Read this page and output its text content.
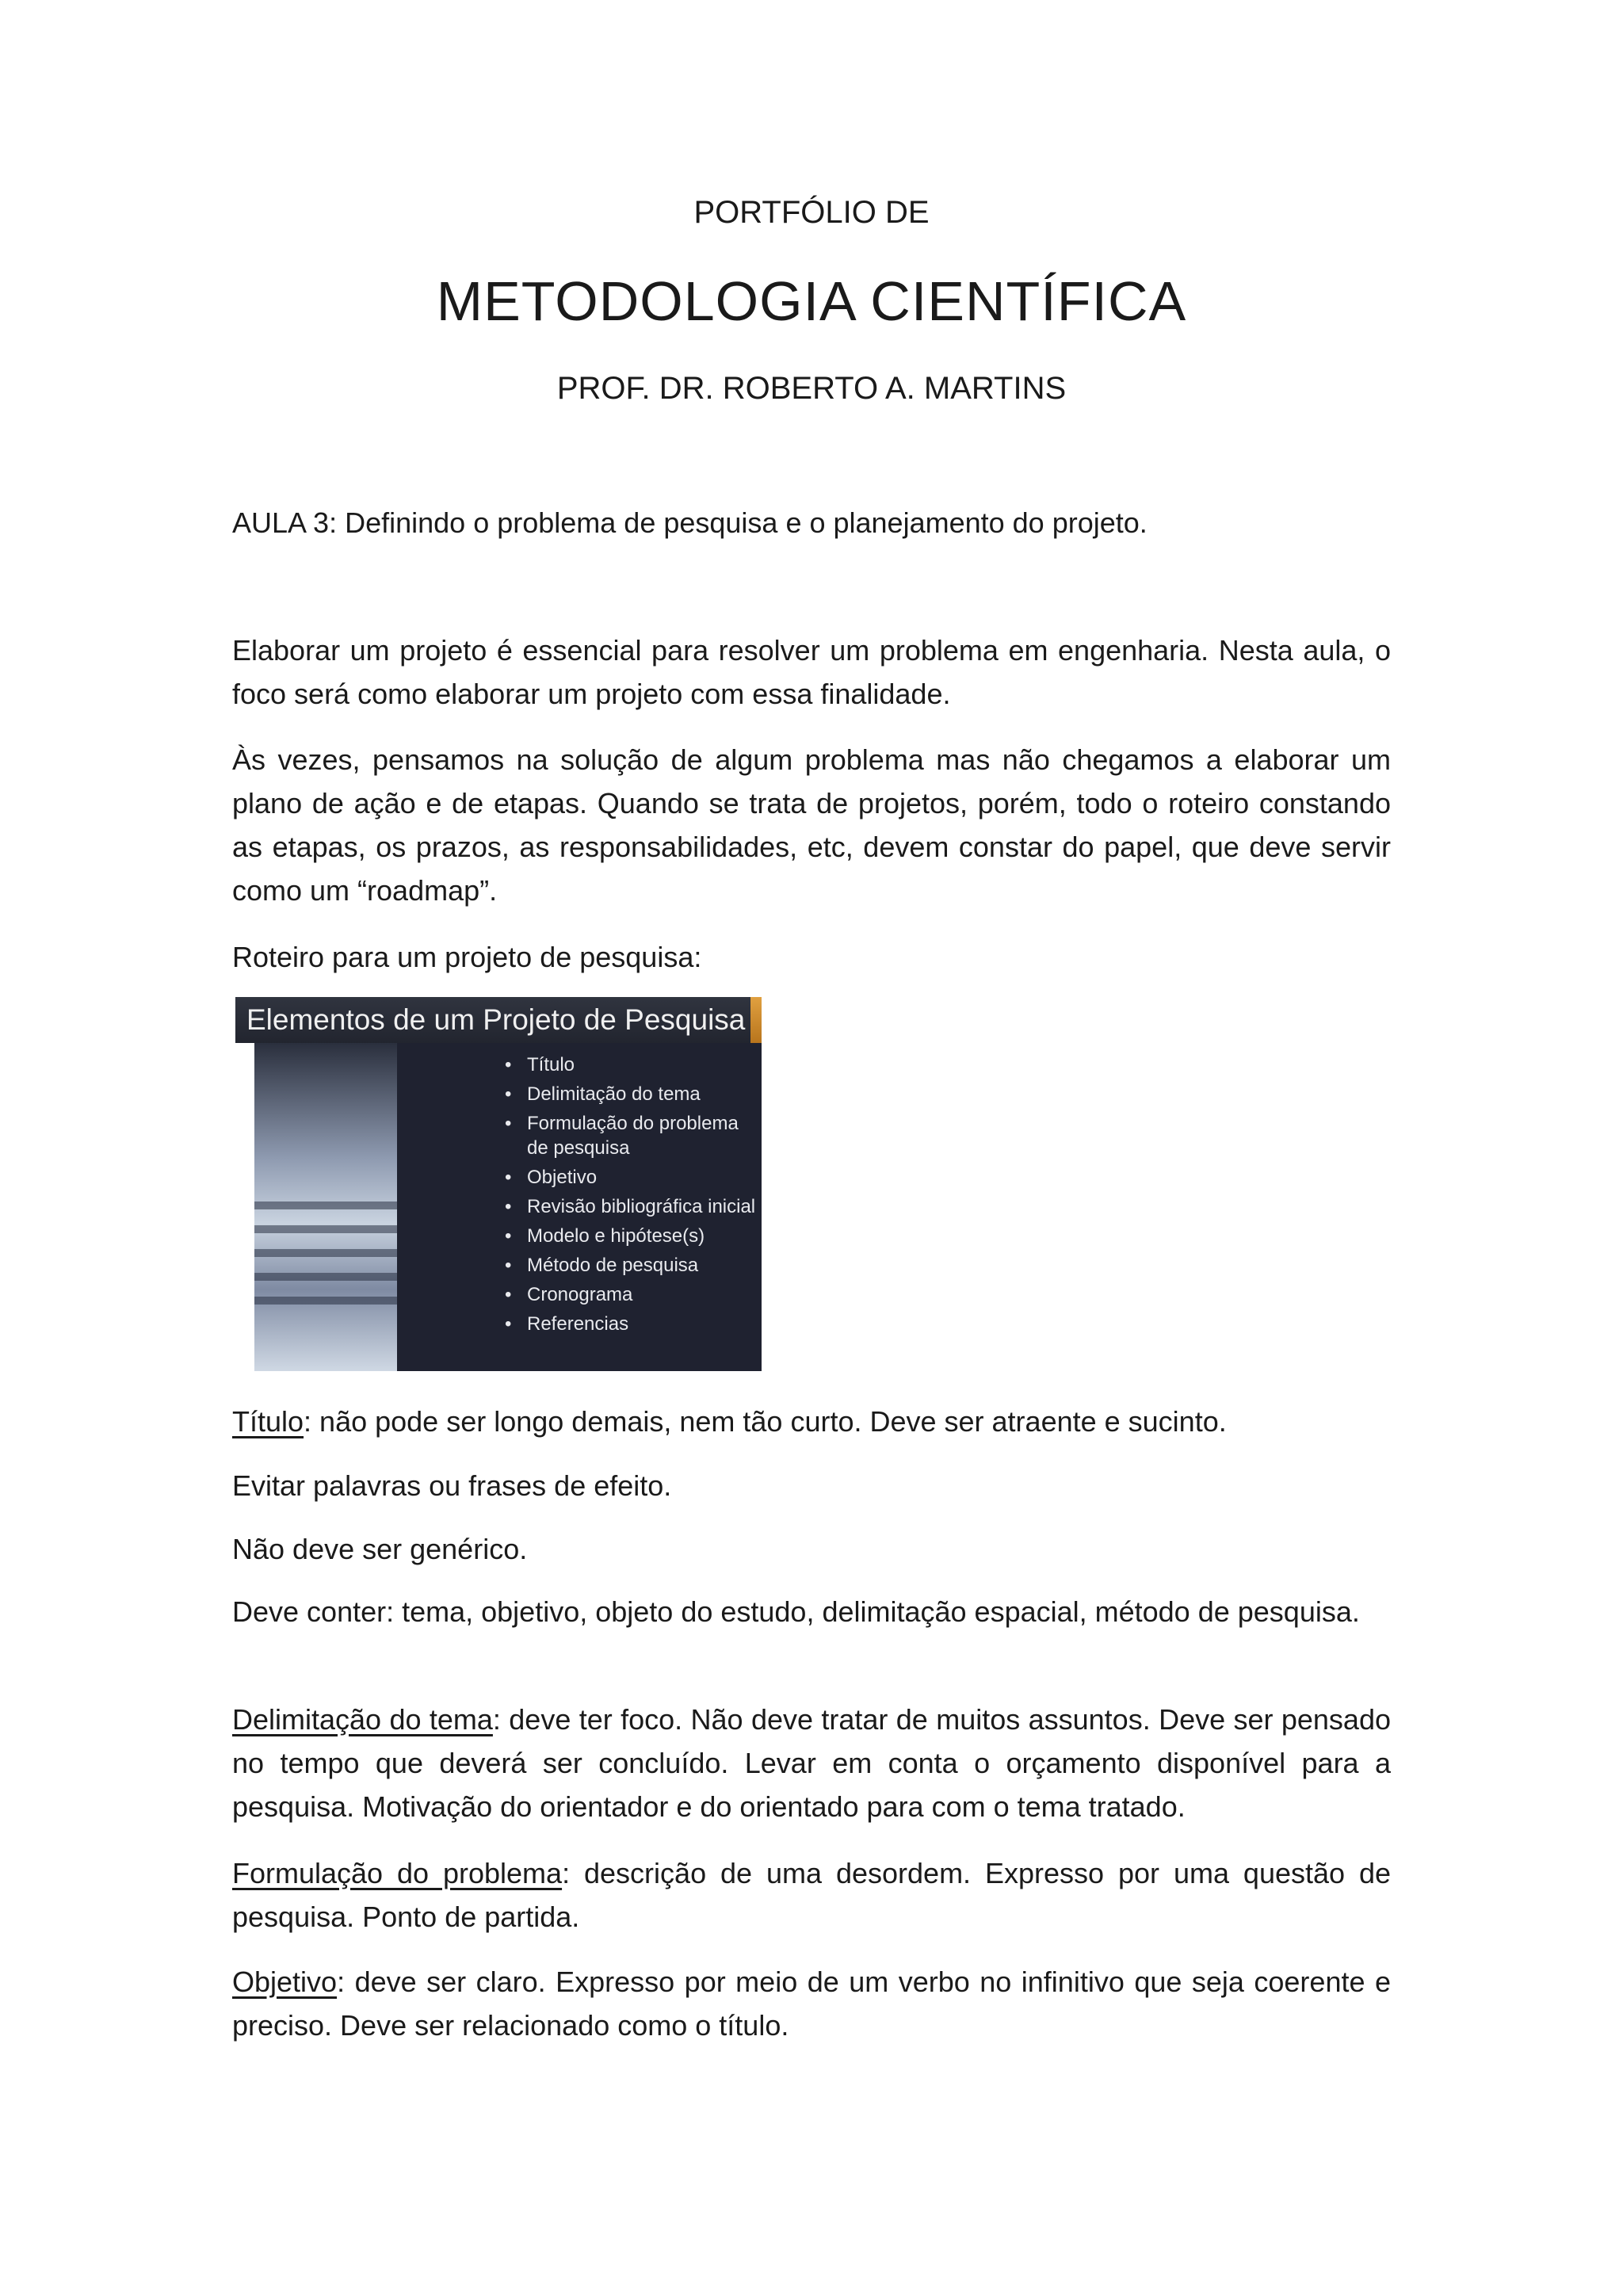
PORTFÓLIO DE

METODOLOGIA CIENTÍFICA

PROF. DR. ROBERTO A. MARTINS

AULA 3: Definindo o problema de pesquisa e o planejamento do projeto.

Elaborar um projeto é essencial para resolver um problema em engenharia. Nesta aula, o foco será como elaborar um projeto com essa finalidade.

Às vezes, pensamos na solução de algum problema mas não chegamos a elaborar um plano de ação e de etapas. Quando se trata de projetos, porém, todo o roteiro constando as etapas, os prazos, as responsabilidades, etc, devem constar do papel, que deve servir como um “roadmap”.

Roteiro para um projeto de pesquisa:

Elementos de um Projeto de Pesquisa
• Título
• Delimitação do tema
• Formulação do problema de pesquisa
• Objetivo
• Revisão bibliográfica inicial
• Modelo e hipótese(s)
• Método de pesquisa
• Cronograma
• Referencias

Título: não pode ser longo demais, nem tão curto. Deve ser atraente e sucinto.

Evitar palavras ou frases de efeito.

Não deve ser genérico.

Deve conter: tema, objetivo, objeto do estudo, delimitação espacial, método de pesquisa.

Delimitação do tema: deve ter foco. Não deve tratar de muitos assuntos. Deve ser pensado no tempo que deverá ser concluído. Levar em conta o orçamento disponível para a pesquisa. Motivação do orientador e do orientado para com o tema tratado.

Formulação do problema: descrição de uma desordem. Expresso por uma questão de pesquisa. Ponto de partida.

Objetivo: deve ser claro. Expresso por meio de um verbo no infinitivo que seja coerente e preciso. Deve ser relacionado como o título.
